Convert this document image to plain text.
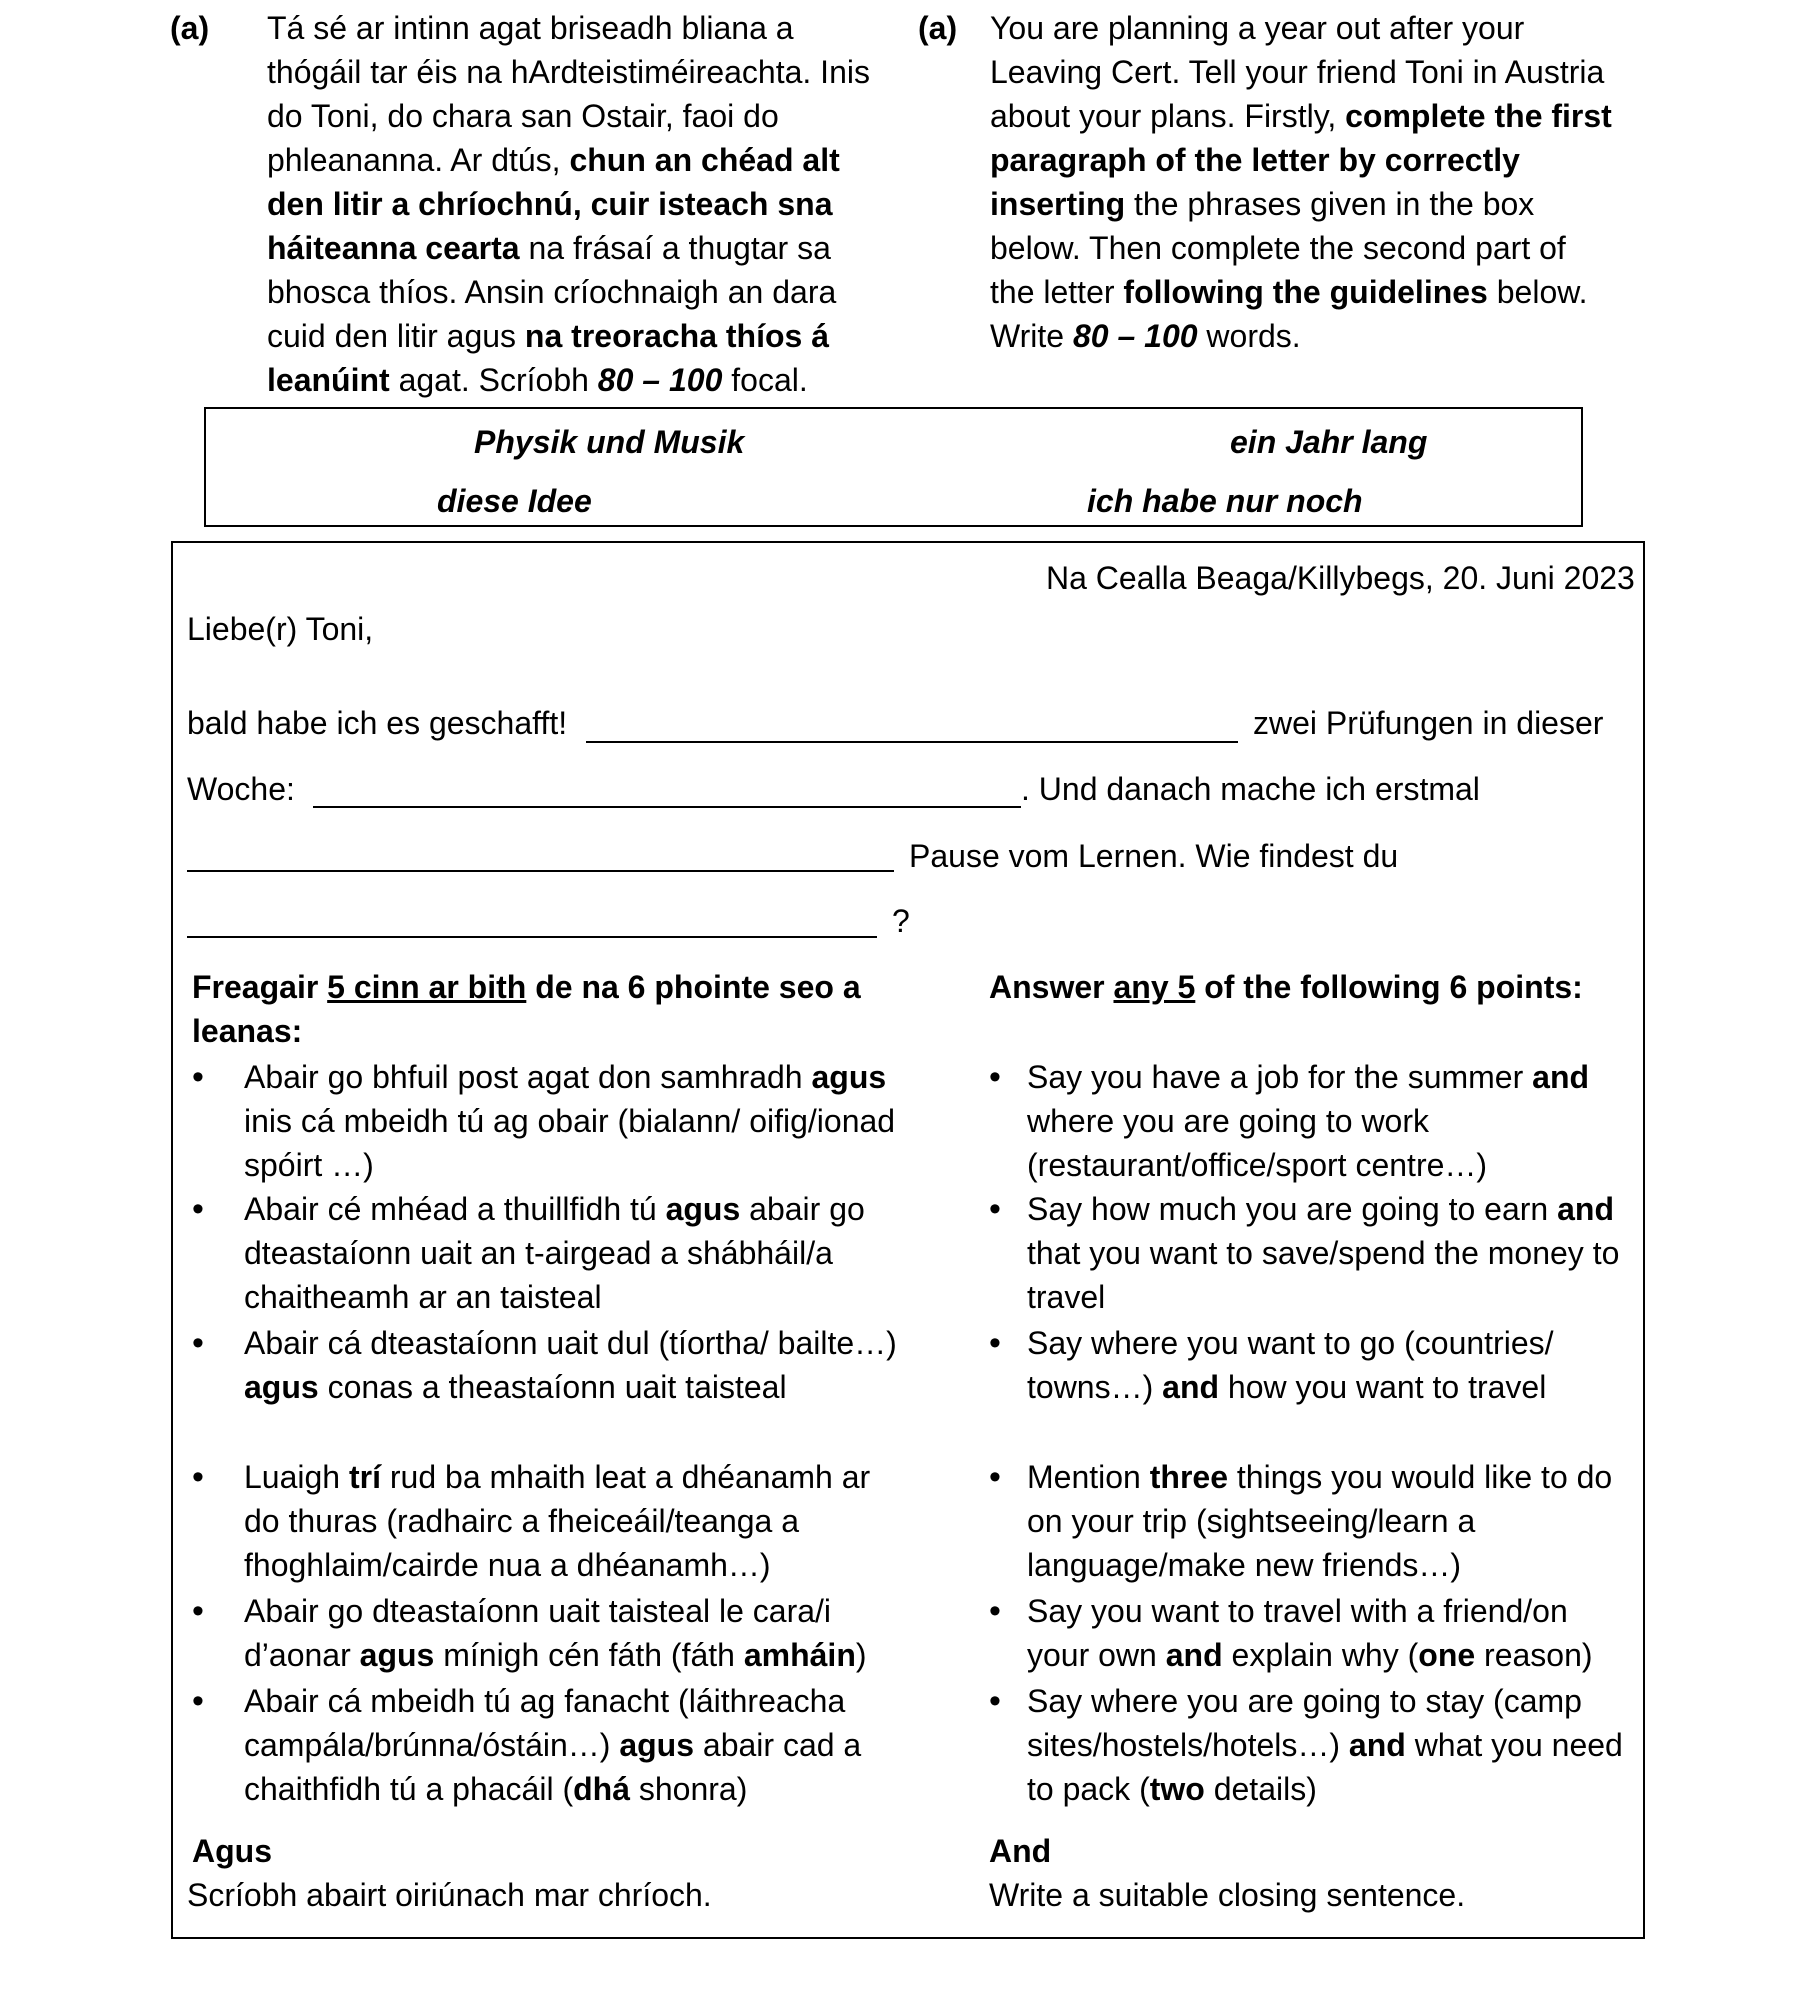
(a) Tá sé ar intinn agat briseadh bliana a thógáil tar éis na hArdteistiméireachta. Inis do Toni, do chara san Ostair, faoi do phleananna. Ar dtús, chun an chéad alt den litir a chríochnú, cuir isteach sna háiteanna cearta na frásaí a thugtar sa bhosca thíos. Ansin críochnaigh an dara cuid den litir agus na treoracha thíos á leanúint agat. Scríobh 80 – 100 focal.
(a) You are planning a year out after your Leaving Cert. Tell your friend Toni in Austria about your plans. Firstly, complete the first paragraph of the letter by correctly inserting the phrases given in the box below. Then complete the second part of the letter following the guidelines below.
Write 80 – 100 words.
Physik und Musik	ein Jahr lang
diese Idee	ich habe nur noch
Na Cealla Beaga/Killybegs, 20. Juni 2023
Liebe(r) Toni,
bald habe ich es geschafft!	zwei Prüfungen in dieser
Woche:	. Und danach mache ich erstmal
Pause vom Lernen. Wie findest du
?
Freagair 5 cinn ar bith de na 6 phointe seo a leanas:
• Abair go bhfuil post agat don samhradh agus inis cá mbeidh tú ag obair (bialann/ oifig/ionad spóirt …)
• Abair cé mhéad a thuillfidh tú agus abair go dteastaíonn uait an t-airgead a shábháil/a chaitheamh ar an taisteal
• Abair cá dteastaíonn uait dul (tíortha/ bailte…) agus conas a theastaíonn uait taisteal
• Luaigh trí rud ba mhaith leat a dhéanamh ar do thuras (radhairc a fheiceáil/teanga a fhoghlaim/cairde nua a dhéanamh…)
• Abair go dteastaíonn uait taisteal le cara/i d’aonar agus mínigh cén fáth (fáth amháin)
• Abair cá mbeidh tú ag fanacht (láithreacha campála/brúnna/óstáin…) agus abair cad a chaithfidh tú a phacáil (dhá shonra)
Agus
Scríobh abairt oiriúnach mar chríoch.
Answer any 5 of the following 6 points:
• Say you have a job for the summer and where you are going to work (restaurant/office/sport centre…)
• Say how much you are going to earn and that you want to save/spend the money to travel
• Say where you want to go (countries/ towns…) and how you want to travel
• Mention three things you would like to do on your trip (sightseeing/learn a language/make new friends…)
• Say you want to travel with a friend/on your own and explain why (one reason)
• Say where you are going to stay (camp sites/hostels/hotels…) and what you need to pack (two details)
And
Write a suitable closing sentence.
